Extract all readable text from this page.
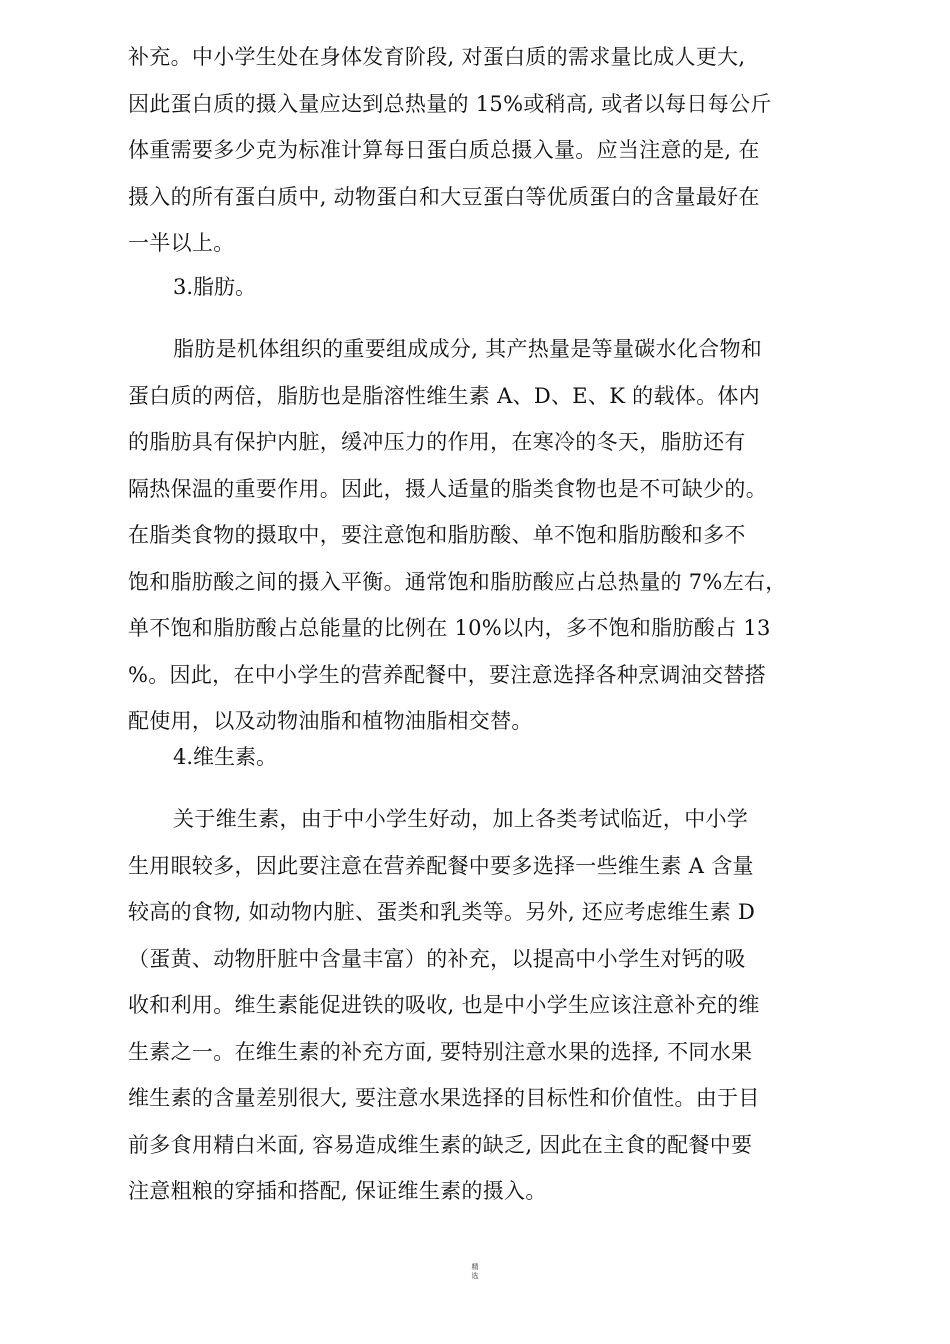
补充。中小学生处在身体发育阶段, 对蛋白质的需求量比成人更大,
因此蛋白质的摄入量应达到总热量的 15%或稍高, 或者以每日每公斤
体重需要多少克为标准计算每日蛋白质总摄入量。应当注意的是, 在
摄入的所有蛋白质中, 动物蛋白和大豆蛋白等优质蛋白的含量最好在
一半以上。
3.脂肪。
脂肪是机体组织的重要组成成分, 其产热量是等量碳水化合物和
蛋白质的两倍，脂肪也是脂溶性维生素 A、D、E、K 的载体。体内
的脂肪具有保护内脏，缓冲压力的作用，在寒冷的冬天，脂肪还有
隔热保温的重要作用。因此，摄人适量的脂类食物也是不可缺少的。
在脂类食物的摄取中，要注意饱和脂肪酸、单不饱和脂肪酸和多不
饱和脂肪酸之间的摄入平衡。通常饱和脂肪酸应占总热量的 7%左右，
单不饱和脂肪酸占总能量的比例在 10%以内，多不饱和脂肪酸占 13
%。因此，在中小学生的营养配餐中，要注意选择各种烹调油交替搭
配使用，以及动物油脂和植物油脂相交替。
4.维生素。
关于维生素，由于中小学生好动，加上各类考试临近，中小学
生用眼较多，因此要注意在营养配餐中要多选择一些维生素 A 含量
较高的食物, 如动物内脏、蛋类和乳类等。另外, 还应考虑维生素 D
（蛋黄、动物肝脏中含量丰富）的补充，以提高中小学生对钙的吸
收和利用。维生素能促进铁的吸收, 也是中小学生应该注意补充的维
生素之一。在维生素的补充方面, 要特别注意水果的选择, 不同水果
维生素的含量差别很大, 要注意水果选择的目标性和价值性。由于目
前多食用精白米面, 容易造成维生素的缺乏, 因此在主食的配餐中要
注意粗粮的穿插和搭配, 保证维生素的摄入。
精
选
